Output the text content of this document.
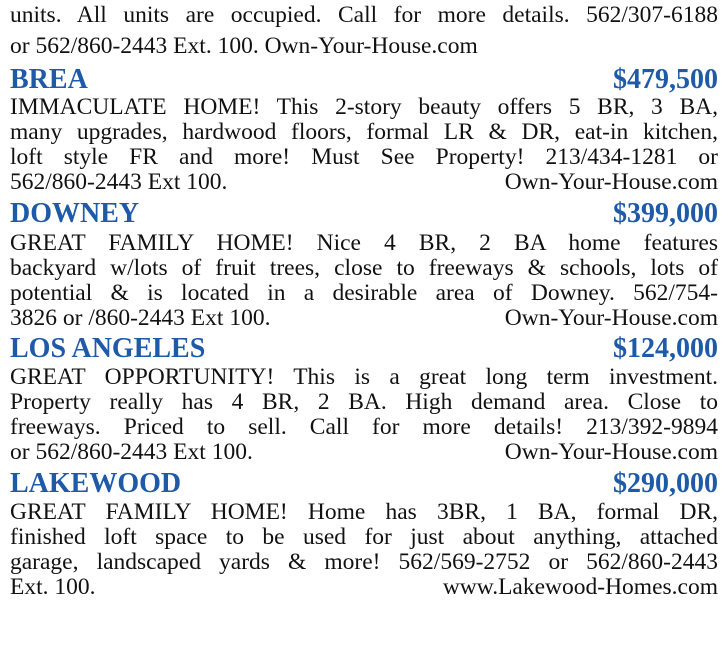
units. All units are occupied. Call for more details. 562/307-6188
or 562/860-2443 Ext. 100. Own-Your-House.com
BREA	$479,500
IMMACULATE HOME! This 2-story beauty offers 5 BR, 3 BA,
many upgrades, hardwood floors, formal LR & DR, eat-in kitchen,
loft style FR and more! Must See Property! 213/434-1281 or
562/860-2443 Ext 100.	Own-Your-House.com
DOWNEY	$399,000
GREAT FAMILY HOME! Nice 4 BR, 2 BA home features
backyard w/lots of fruit trees, close to freeways & schools, lots of
potential & is located in a desirable area of Downey. 562/754-
3826 or /860-2443 Ext 100.	Own-Your-House.com
LOS ANGELES	$124,000
GREAT OPPORTUNITY! This is a great long term investment.
Property really has 4 BR, 2 BA. High demand area. Close to
freeways. Priced to sell. Call for more details! 213/392-9894
or 562/860-2443 Ext 100.	Own-Your-House.com
LAKEWOOD	$290,000
GREAT FAMILY HOME! Home has 3BR, 1 BA, formal DR,
finished loft space to be used for just about anything, attached
garage, landscaped yards & more! 562/569-2752 or 562/860-2443
Ext. 100.	www.Lakewood-Homes.com
